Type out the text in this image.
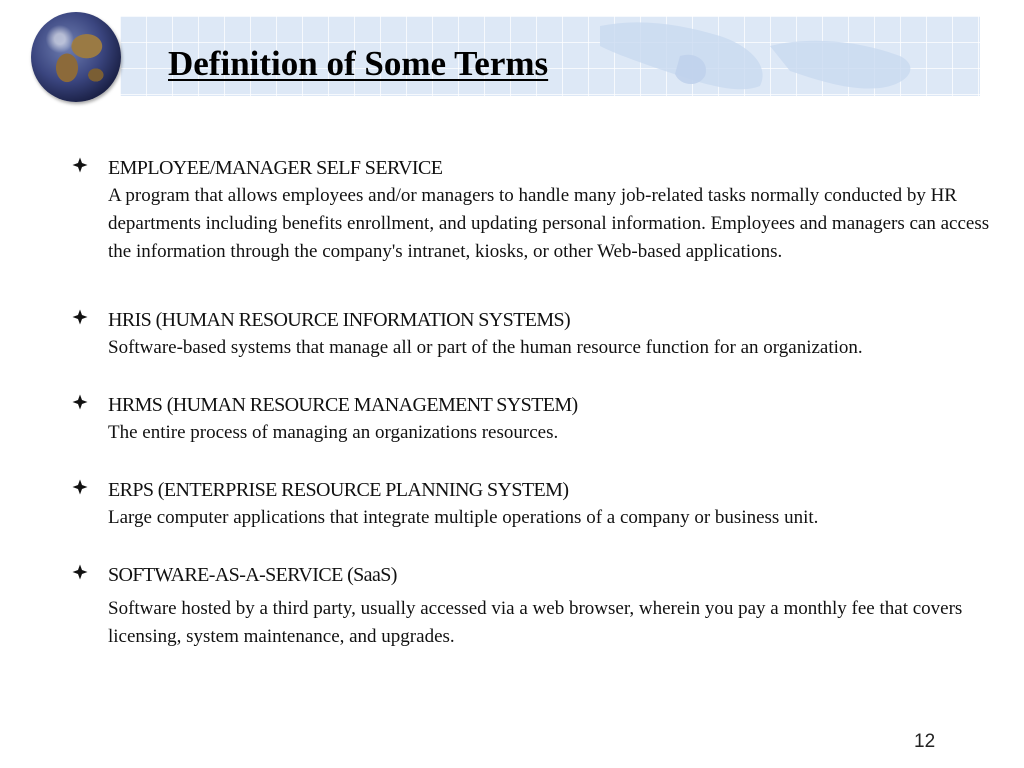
Definition of Some Terms
EMPLOYEE/MANAGER SELF SERVICE
A program that allows employees and/or managers to handle many job-related tasks normally conducted by HR departments including benefits enrollment, and updating personal information. Employees and managers can access the information through the company's intranet, kiosks, or other Web-based applications.
HRIS (HUMAN RESOURCE INFORMATION SYSTEMS)
Software-based systems that manage all or part of the human resource function for an organization.
HRMS (HUMAN RESOURCE MANAGEMENT SYSTEM)
The entire process of managing an organizations resources.
ERPS (ENTERPRISE RESOURCE PLANNING SYSTEM)
Large computer applications that integrate multiple operations of a company or business unit.
SOFTWARE-AS-A-SERVICE (SaaS)
Software hosted by a third party, usually accessed via a web browser, wherein you pay a monthly fee that covers licensing, system maintenance, and upgrades.
12
